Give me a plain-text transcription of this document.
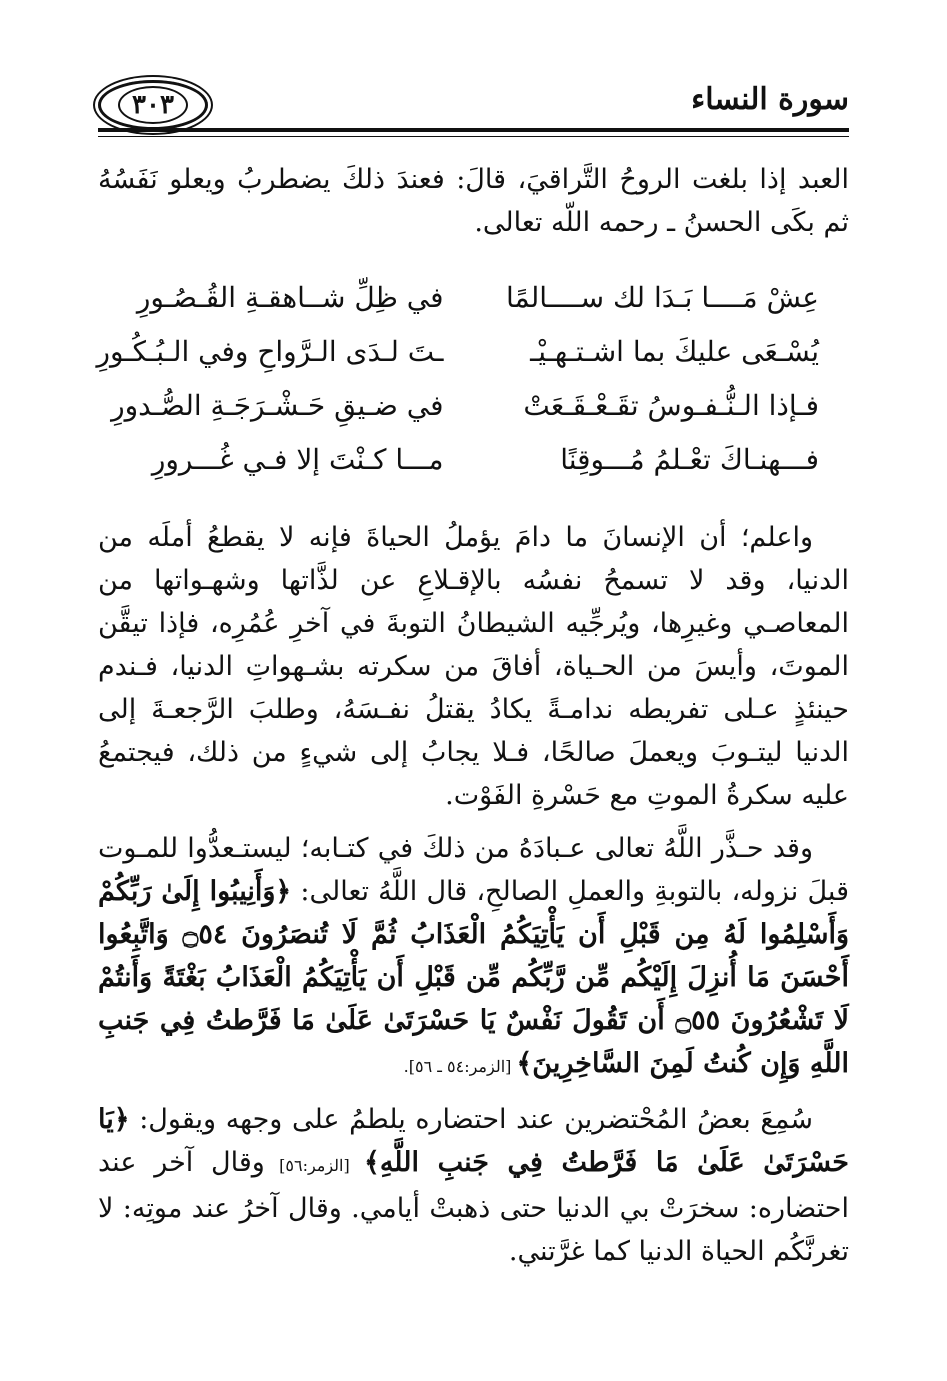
٣٠٣	سورة النساء

العبد إذا بلغت الروحُ التَّراقيَ، قالَ: فعندَ ذلكَ يضطربُ ويعلو نَفَسُهُ ثم بكَى الحسنُ ـ رحمه اللّه تعالى.

عِشْ مَــــا بَـدَا لك ســــالمًا
في ظِلِّ شــاهقـةِ القُـصُـورِ
يُسْـعَى عليكَ بما اشـتـهـيْـ
ـتَ لـدَى الـرَّواحِ وفي الـبُـكُـورِ
فـإذا الـنُّـفـوسُ تقَـعْـقَـعَتْ
في ضـيقِ حَـشْـرَجَـةِ الصُّـدورِ
فـــهنـاكَ تعْـلمُ مُـــوقِنًا
مـــا كـنْتَ إلا فـي غُـــرورِ

واعلم؛ أن الإنسانَ ما دامَ يؤملُ الحياةَ فإنه لا يقطعُ أملَه من الدنيا، وقد لا تسمحُ نفسُه بالإقـلاعِ عن لذَّاتها وشهـواتها من المعاصـي وغيرِها، ويُرجِّيه الشيطانُ التوبةَ في آخرِ عُمُرِه، فإذا تيقَّن الموتَ، وأيسَ من الحـياة، أفاقَ من سكرته بشـهواتِ الدنيا، فـندم حينئذٍ عـلى تفريطه ندامـةً يكادُ يقتلُ نفـسَهُ، وطلبَ الرَّجعـةَ إلى الدنيا ليتـوبَ ويعملَ صالحًا، فـلا يجابُ إلى شيءٍ من ذلك، فيجتمعُ عليه سكرةُ الموتِ مع حَسْرةِ الفَوْت.

وقد حـذَّر اللَّهُ تعالى عـبادَهُ من ذلكَ في كتـابه؛ ليستـعدُّوا للمـوت قبلَ نزوله، بالتوبةِ والعملِ الصالحِ، قال اللَّهُ تعالى: ﴿وَأَنِيبُوا إِلَىٰ رَبِّكُمْ وَأَسْلِمُوا لَهُ مِن قَبْلِ أَن يَأْتِيَكُمُ الْعَذَابُ ثُمَّ لَا تُنصَرُونَ ۝٥٤ وَاتَّبِعُوا أَحْسَنَ مَا أُنزِلَ إِلَيْكُم مِّن رَّبِّكُم مِّن قَبْلِ أَن يَأْتِيَكُمُ الْعَذَابُ بَغْتَةً وَأَنتُمْ لَا تَشْعُرُونَ ۝٥٥ أَن تَقُولَ نَفْسٌ يَا حَسْرَتَىٰ عَلَىٰ مَا فَرَّطتُ فِي جَنبِ اللَّهِ وَإِن كُنتُ لَمِنَ السَّاخِرِينَ﴾ [الزمر:٥٤ ـ ٥٦].

سُمِعَ بعضُ المُحْتضرين عند احتضاره يلطمُ على وجهه ويقول: ﴿يَا حَسْرَتَىٰ عَلَىٰ مَا فَرَّطتُ فِي جَنبِ اللَّهِ﴾ [الزمر:٥٦] وقال آخر عند احتضاره: سخرَتْ بي الدنيا حتى ذهبتْ أيامي. وقال آخرُ عند موتِه: لا تغرنَّكُم الحياة الدنيا كما غرَّتني.
